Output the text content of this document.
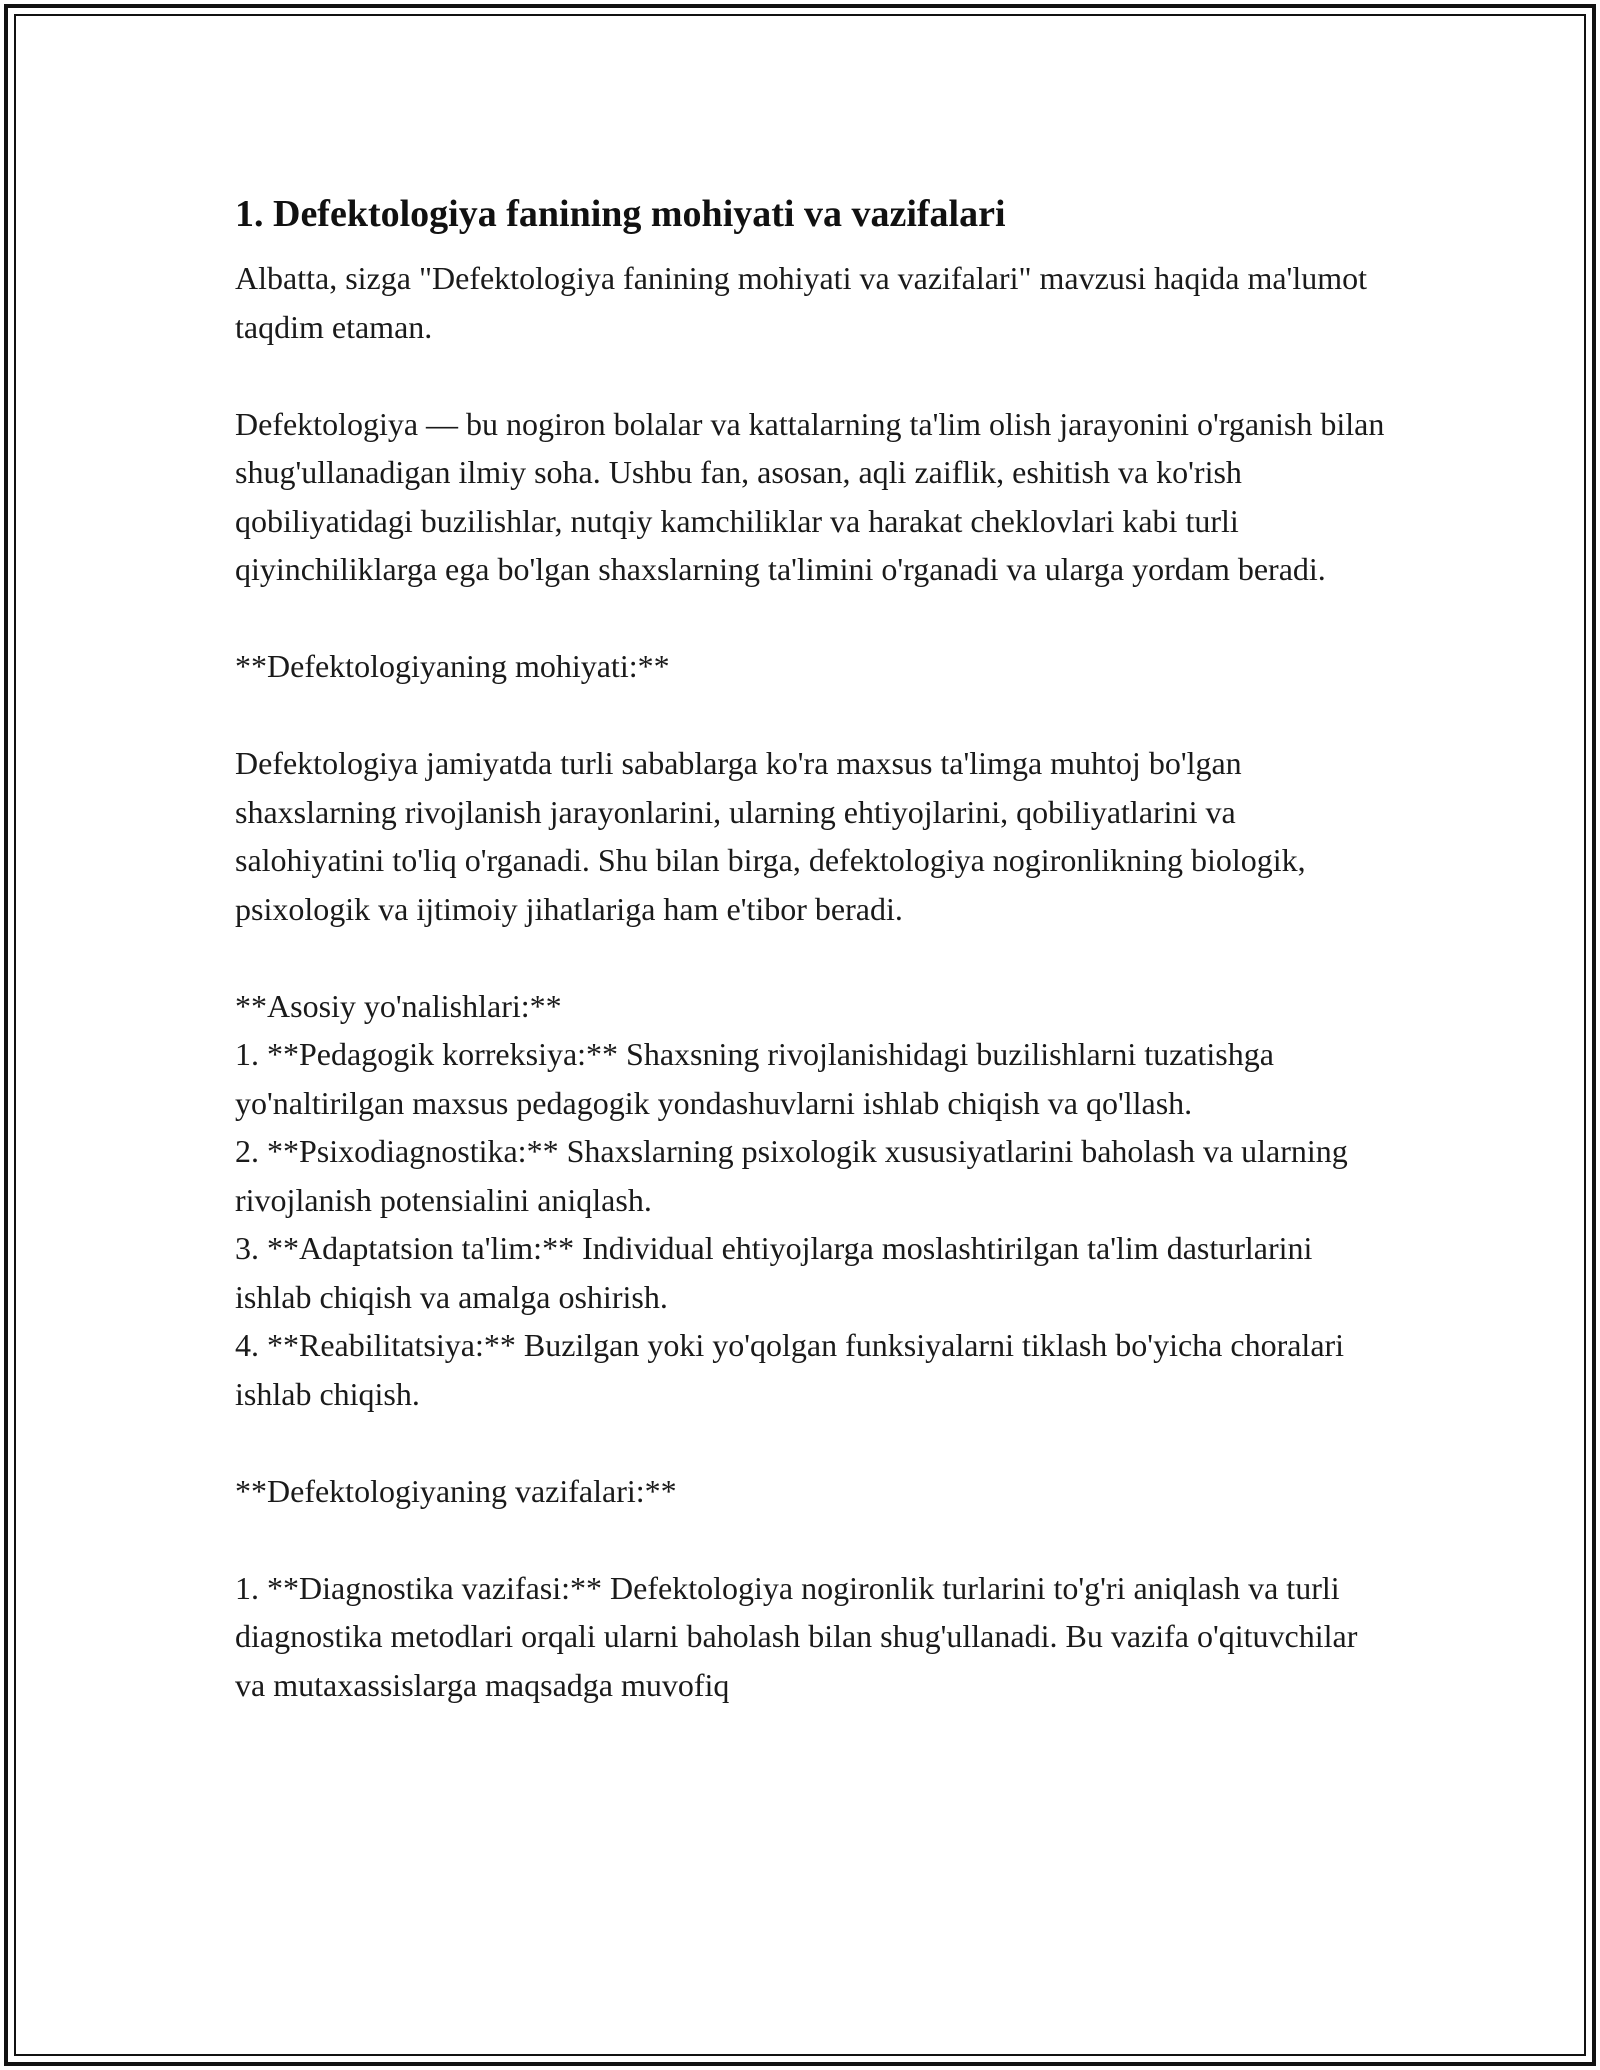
1. Defektologiya fanining mohiyati va vazifalari

Albatta, sizga "Defektologiya fanining mohiyati va vazifalari" mavzusi haqida ma'lumot taqdim etaman.

Defektologiya — bu nogiron bolalar va kattalarning ta'lim olish jarayonini o'rganish bilan shug'ullanadigan ilmiy soha. Ushbu fan, asosan, aqli zaiflik, eshitish va ko'rish qobiliyatidagi buzilishlar, nutqiy kamchiliklar va harakat cheklovlari kabi turli qiyinchiliklarga ega bo'lgan shaxslarning ta'limini o'rganadi va ularga yordam beradi.

**Defektologiyaning mohiyati:**

Defektologiya jamiyatda turli sabablarga ko'ra maxsus ta'limga muhtoj bo'lgan shaxslarning rivojlanish jarayonlarini, ularning ehtiyojlarini, qobiliyatlarini va salohiyatini to'liq o'rganadi. Shu bilan birga, defektologiya nogironlikning biologik, psixologik va ijtimoiy jihatlariga ham e'tibor beradi.

**Asosiy yo'nalishlari:**

1. **Pedagogik korreksiya:** Shaxsning rivojlanishidagi buzilishlarni tuzatishga yo'naltirilgan maxsus pedagogik yondashuvlarni ishlab chiqish va qo'llash.

2. **Psixodiagnostika:** Shaxslarning psixologik xususiyatlarini baholash va ularning rivojlanish potensialini aniqlash.

3. **Adaptatsion ta'lim:** Individual ehtiyojlarga moslashtirilgan ta'lim dasturlarini ishlab chiqish va amalga oshirish.

4. **Reabilitatsiya:** Buzilgan yoki yo'qolgan funksiyalarni tiklash bo'yicha choralari ishlab chiqish.

**Defektologiyaning vazifalari:**

1. **Diagnostika vazifasi:** Defektologiya nogironlik turlarini to'g'ri aniqlash va turli diagnostika metodlari orqali ularni baholash bilan shug'ullanadi. Bu vazifa o'qituvchilar va mutaxassislarga maqsadga muvofiq
